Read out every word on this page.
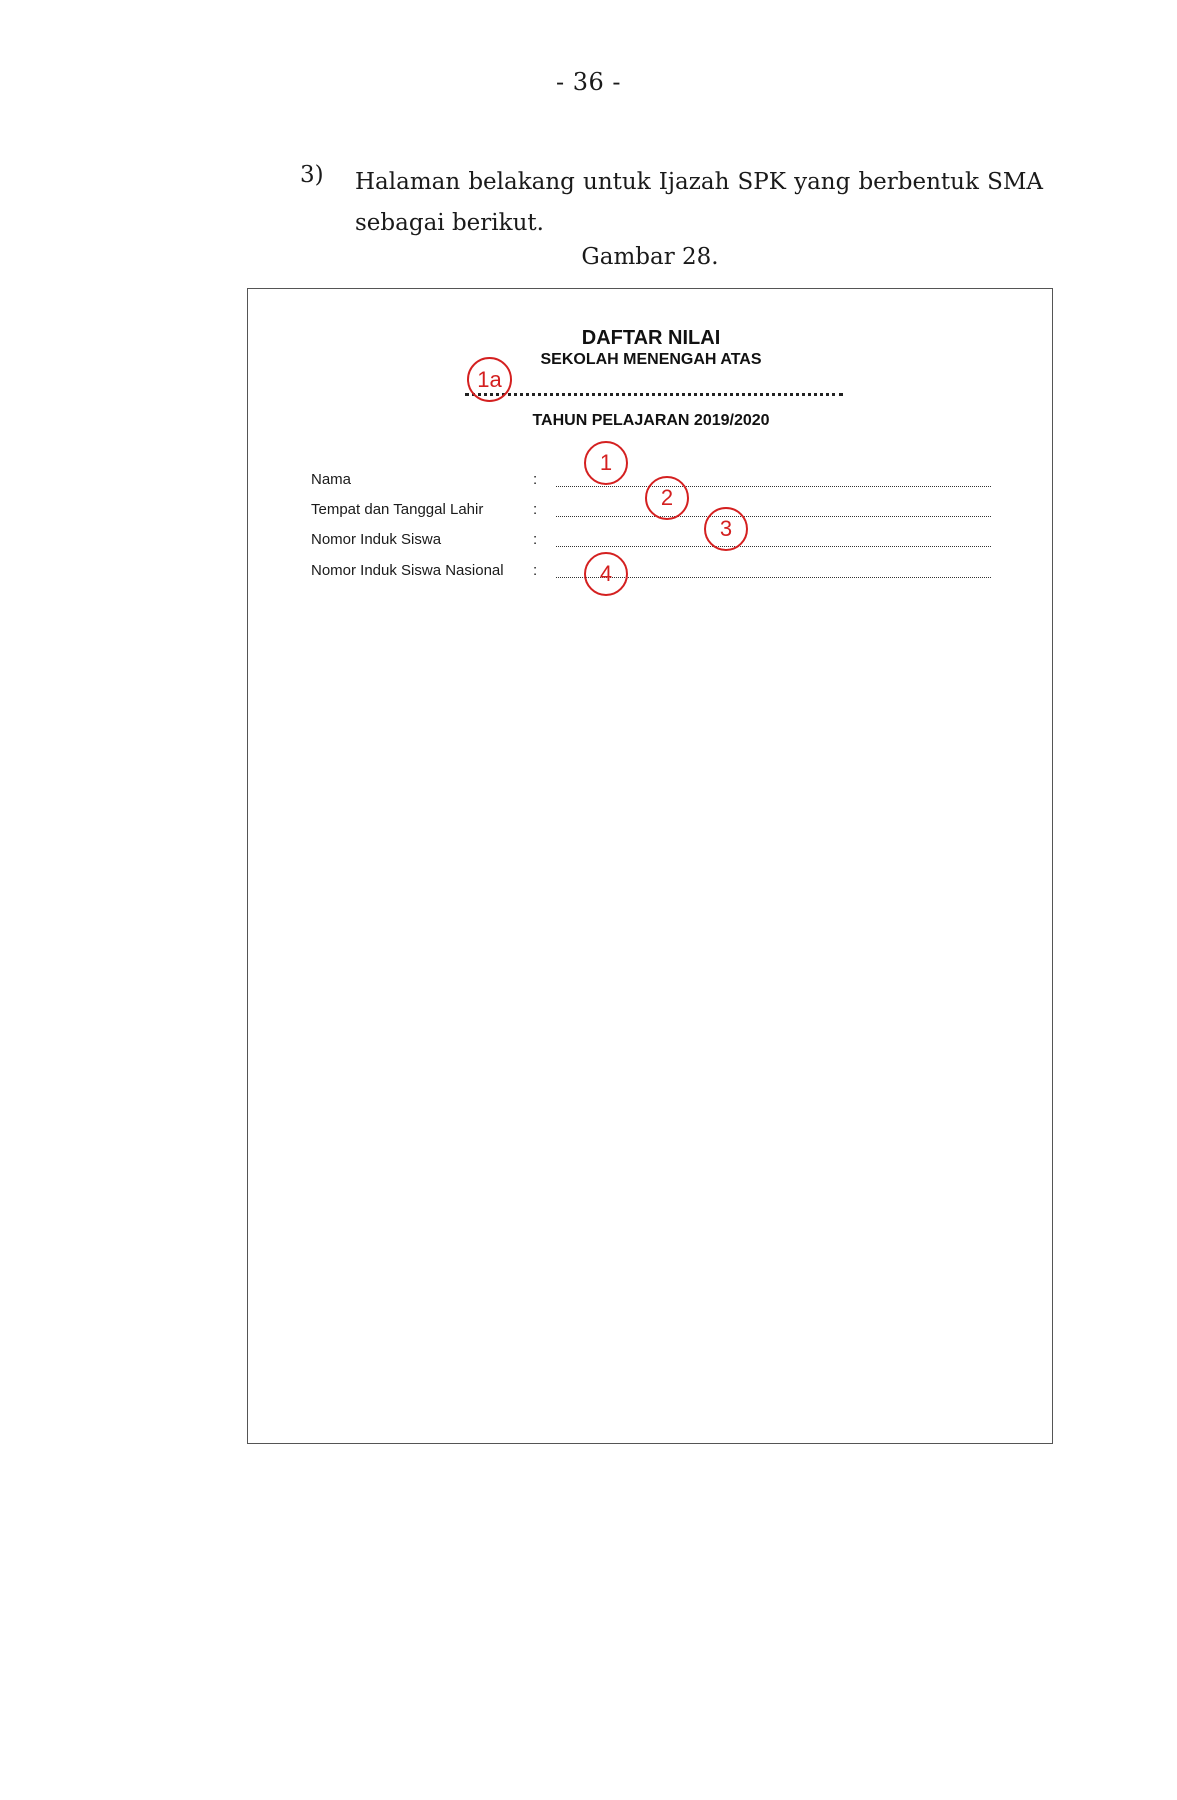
- 36 -
3) Halaman belakang untuk Ijazah SPK yang berbentuk SMA sebagai berikut.
Gambar 28.
DAFTAR NILAI
SEKOLAH MENENGAH ATAS
TAHUN PELAJARAN 2019/2020
Nama	:
Tempat dan Tanggal Lahir	:
Nomor Induk Siswa	:
Nomor Induk Siswa Nasional :
1a
1
2
3
4
